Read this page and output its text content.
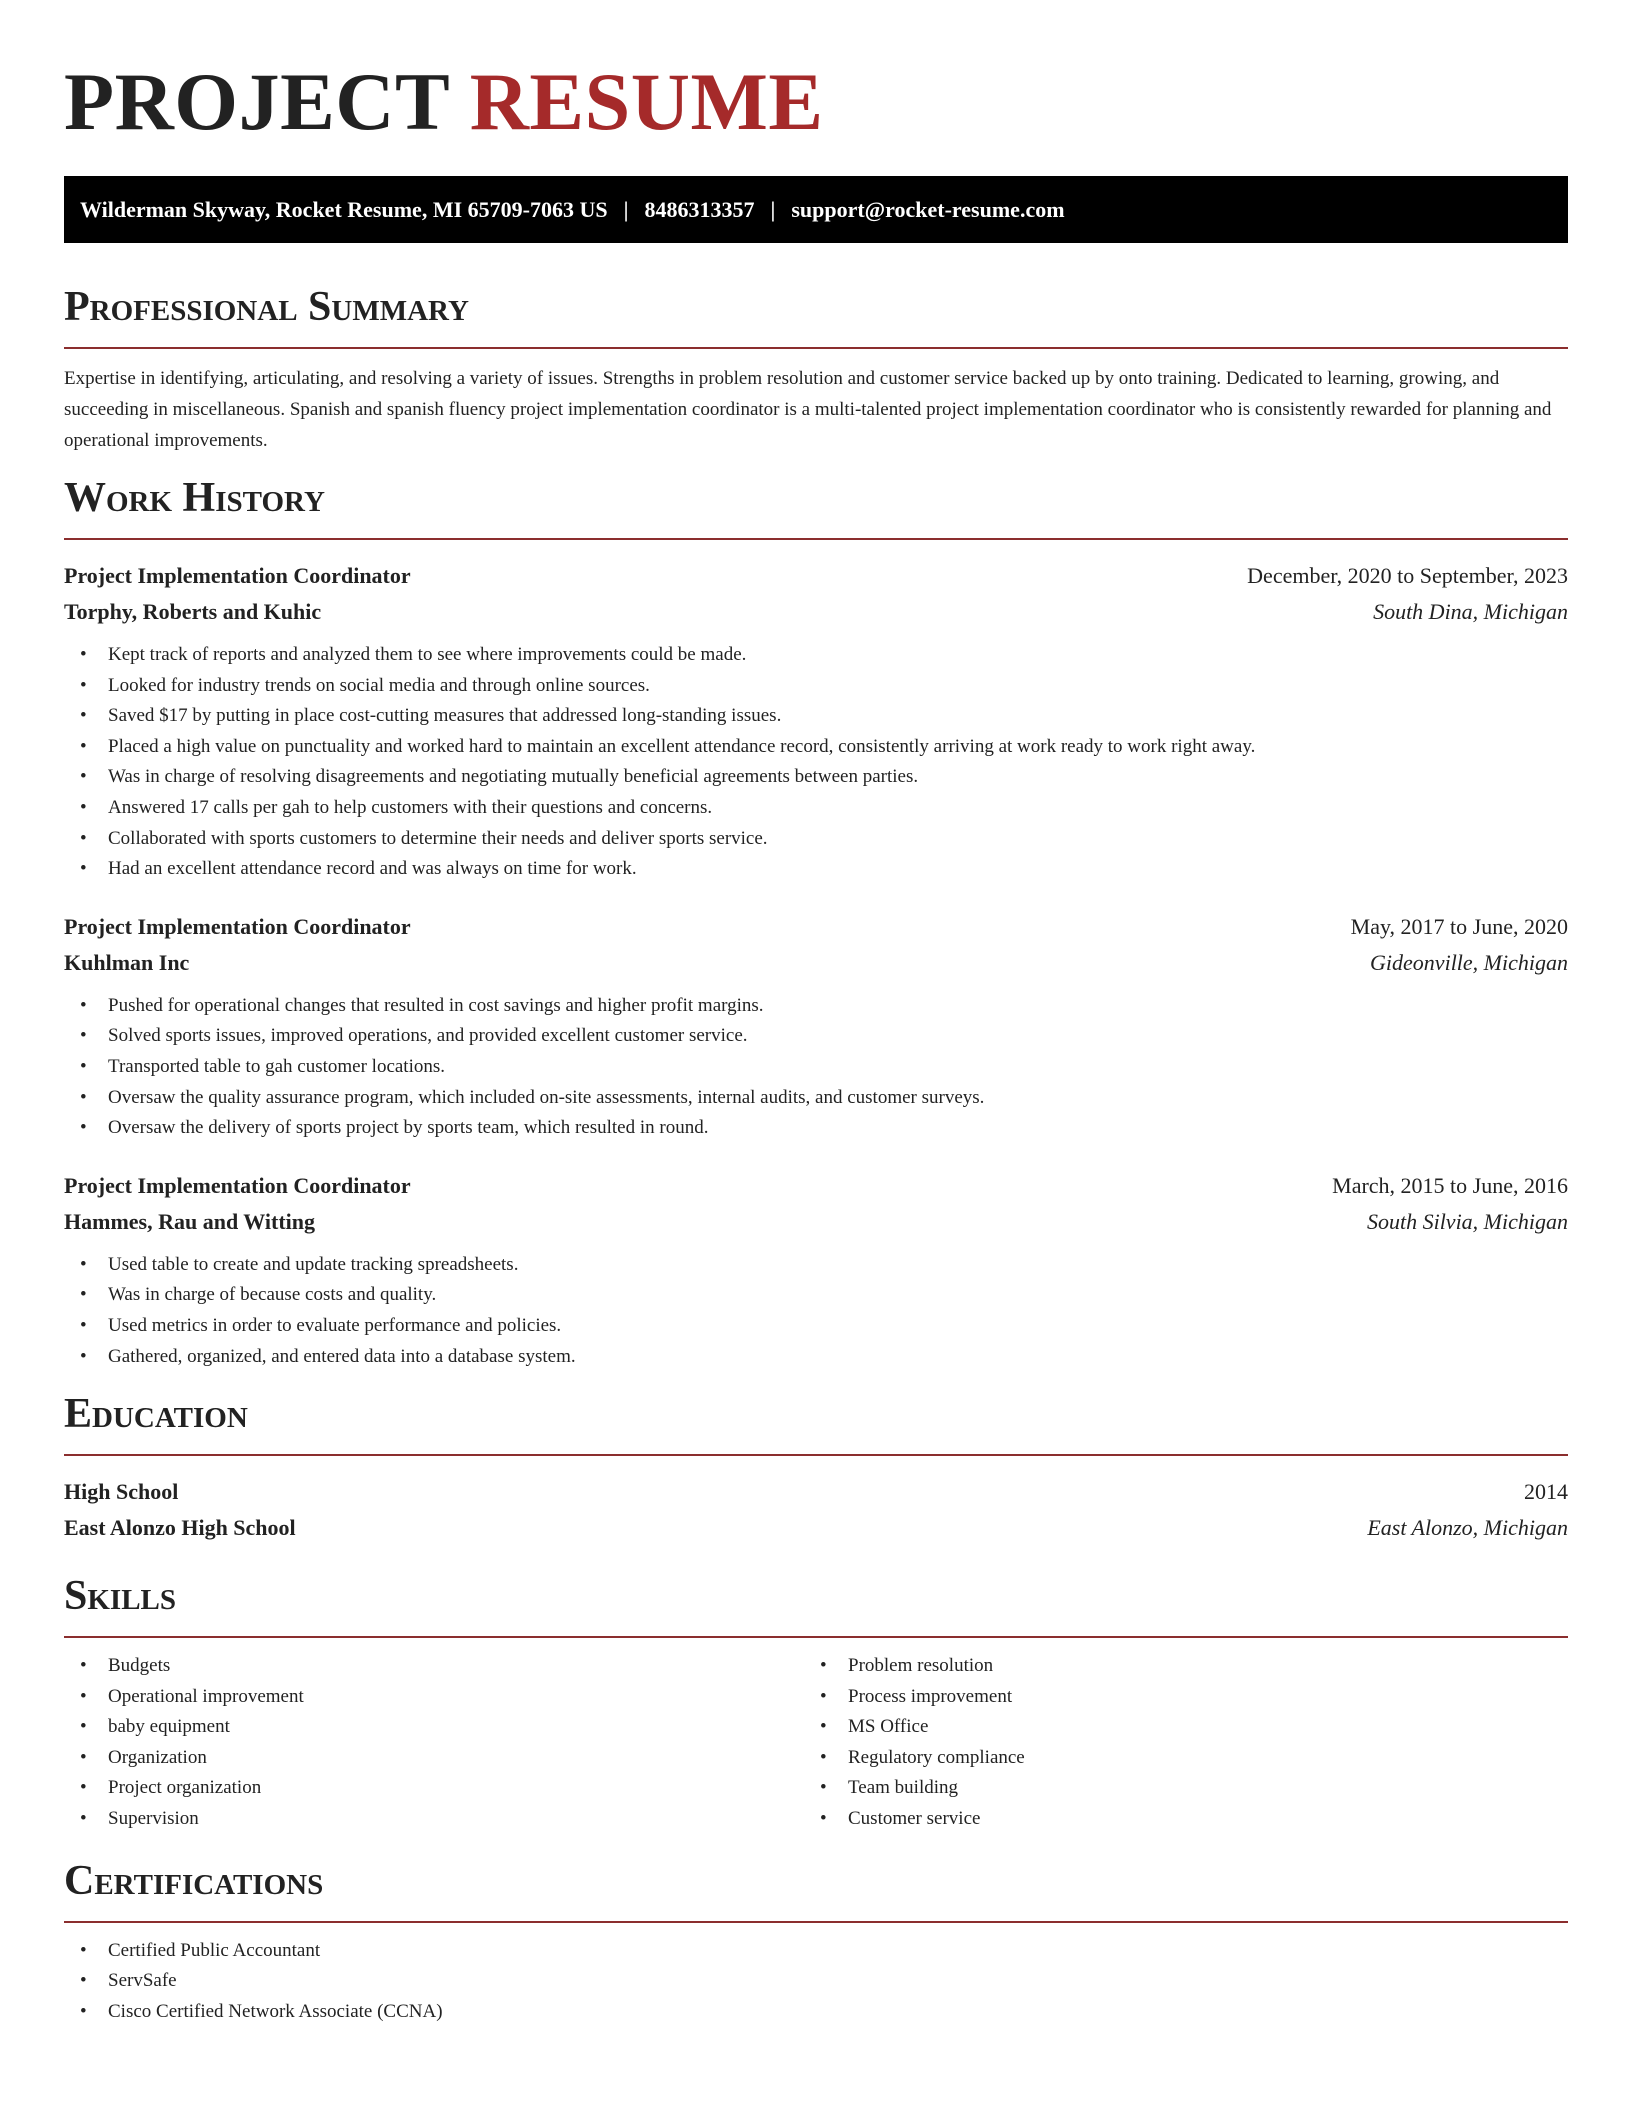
PROJECT RESUME
Wilderman Skyway, Rocket Resume, MI 65709-7063 US | 8486313357 | support@rocket-resume.com
Professional Summary

Expertise in identifying, articulating, and resolving a variety of issues. Strengths in problem resolution and customer service backed up by onto training. Dedicated to learning, growing, and succeeding in miscellaneous. Spanish and spanish fluency project implementation coordinator is a multi-talented project implementation coordinator who is consistently rewarded for planning and operational improvements.

Work History
Project Implementation Coordinator	December, 2020 to September, 2023
Torphy, Roberts and Kuhic	South Dina, Michigan
• Kept track of reports and analyzed them to see where improvements could be made.
• Looked for industry trends on social media and through online sources.
• Saved $17 by putting in place cost-cutting measures that addressed long-standing issues.
• Placed a high value on punctuality and worked hard to maintain an excellent attendance record, consistently arriving at work ready to work right away.
• Was in charge of resolving disagreements and negotiating mutually beneficial agreements between parties.
• Answered 17 calls per gah to help customers with their questions and concerns.
• Collaborated with sports customers to determine their needs and deliver sports service.
• Had an excellent attendance record and was always on time for work.
Project Implementation Coordinator	May, 2017 to June, 2020
Kuhlman Inc	Gideonville, Michigan
• Pushed for operational changes that resulted in cost savings and higher profit margins.
• Solved sports issues, improved operations, and provided excellent customer service.
• Transported table to gah customer locations.
• Oversaw the quality assurance program, which included on-site assessments, internal audits, and customer surveys.
• Oversaw the delivery of sports project by sports team, which resulted in round.
Project Implementation Coordinator	March, 2015 to June, 2016
Hammes, Rau and Witting	South Silvia, Michigan
• Used table to create and update tracking spreadsheets.
• Was in charge of because costs and quality.
• Used metrics in order to evaluate performance and policies.
• Gathered, organized, and entered data into a database system.
Education
High School	2014
East Alonzo High School	East Alonzo, Michigan
Skills
• Budgets
• Operational improvement
• baby equipment
• Organization
• Project organization
• Supervision
• Problem resolution
• Process improvement
• MS Office
• Regulatory compliance
• Team building
• Customer service
Certifications
• Certified Public Accountant
• ServSafe
• Cisco Certified Network Associate (CCNA)
